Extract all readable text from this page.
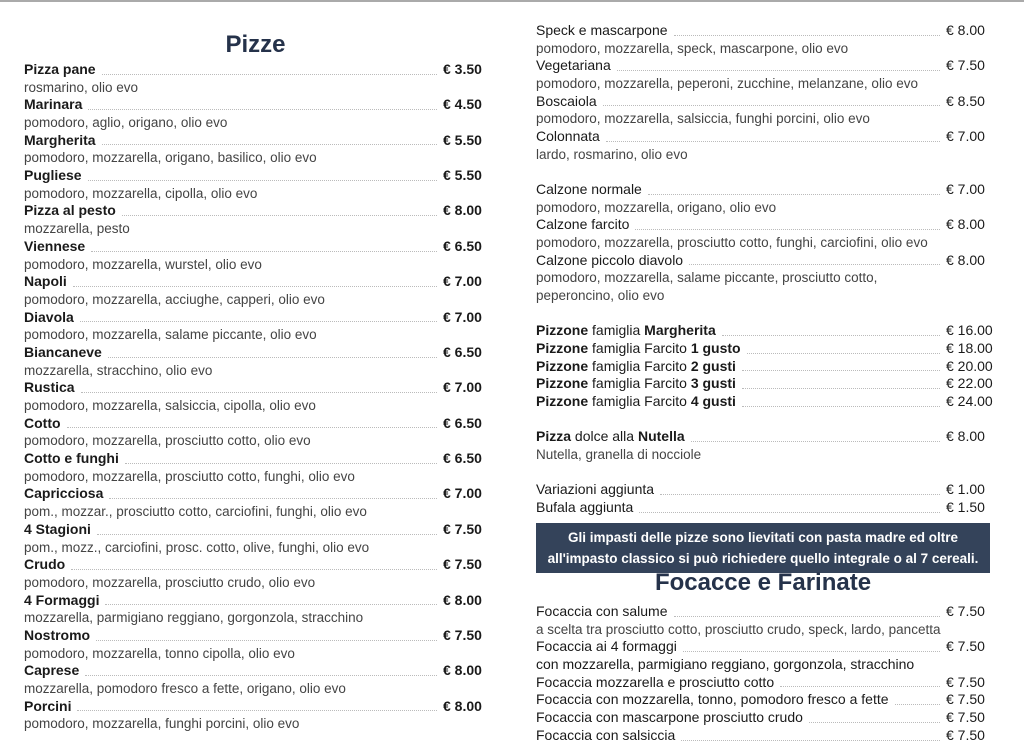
Pizze
Pizza pane	€ 3.50
rosmarino, olio evo
Marinara	€ 4.50
pomodoro, aglio, origano, olio evo
Margherita	€ 5.50
pomodoro, mozzarella, origano, basilico, olio evo
Pugliese	€ 5.50
pomodoro, mozzarella, cipolla, olio evo
Pizza al pesto	€ 8.00
mozzarella, pesto
Viennese	€ 6.50
pomodoro, mozzarella, wurstel, olio evo
Napoli	€ 7.00
pomodoro, mozzarella, acciughe, capperi, olio evo
Diavola	€ 7.00
pomodoro, mozzarella, salame piccante, olio evo
Biancaneve	€ 6.50
mozzarella, stracchino, olio evo
Rustica	€ 7.00
pomodoro, mozzarella, salsiccia, cipolla, olio evo
Cotto	€ 6.50
pomodoro, mozzarella, prosciutto cotto, olio evo
Cotto e funghi	€ 6.50
pomodoro, mozzarella, prosciutto cotto, funghi, olio evo
Capricciosa	€ 7.00
pom., mozzar., prosciutto cotto, carciofini, funghi, olio evo
4 Stagioni	€ 7.50
pom., mozz., carciofini, prosc. cotto, olive, funghi, olio evo
Crudo	€ 7.50
pomodoro, mozzarella, prosciutto crudo, olio evo
4 Formaggi	€ 8.00
mozzarella, parmigiano reggiano, gorgonzola, stracchino
Nostromo	€ 7.50
pomodoro, mozzarella, tonno cipolla, olio evo
Caprese	€ 8.00
mozzarella, pomodoro fresco a fette, origano, olio evo
Porcini	€ 8.00
pomodoro, mozzarella, funghi porcini, olio evo
Speck e mascarpone	€ 8.00
pomodoro, mozzarella, speck, mascarpone, olio evo
Vegetariana	€ 7.50
pomodoro, mozzarella, peperoni, zucchine, melanzane, olio evo
Boscaiola	€ 8.50
pomodoro, mozzarella, salsiccia, funghi porcini, olio evo
Colonnata	€ 7.00
lardo, rosmarino, olio evo
Calzone normale	€ 7.00
pomodoro, mozzarella, origano, olio evo
Calzone farcito	€ 8.00
pomodoro, mozzarella, prosciutto cotto, funghi, carciofini, olio evo
Calzone piccolo diavolo	€ 8.00
pomodoro, mozzarella, salame piccante, prosciutto cotto,
peperoncino, olio evo
Pizzone famiglia Margherita	€ 16.00
Pizzone famiglia Farcito 1 gusto	€ 18.00
Pizzone famiglia Farcito 2 gusti	€ 20.00
Pizzone famiglia Farcito 3 gusti	€ 22.00
Pizzone famiglia Farcito 4 gusti	€ 24.00
Pizza dolce alla Nutella	€ 8.00
Nutella, granella di nocciole
Variazioni aggiunta	€ 1.00
Bufala aggiunta	€ 1.50
Gli impasti delle pizze sono lievitati con pasta madre ed oltre
all'impasto classico si può richiedere quello integrale o al 7 cereali.
Focacce e Farinate
Focaccia con salume	€ 7.50
a scelta tra prosciutto cotto, prosciutto crudo, speck, lardo, pancetta
Focaccia ai 4 formaggi	€ 7.50
con mozzarella, parmigiano reggiano, gorgonzola, stracchino
Focaccia mozzarella e prosciutto cotto	€ 7.50
Focaccia con mozzarella, tonno, pomodoro fresco a fette	€ 7.50
Focaccia con mascarpone prosciutto crudo	€ 7.50
Focaccia con salsiccia	€ 7.50
